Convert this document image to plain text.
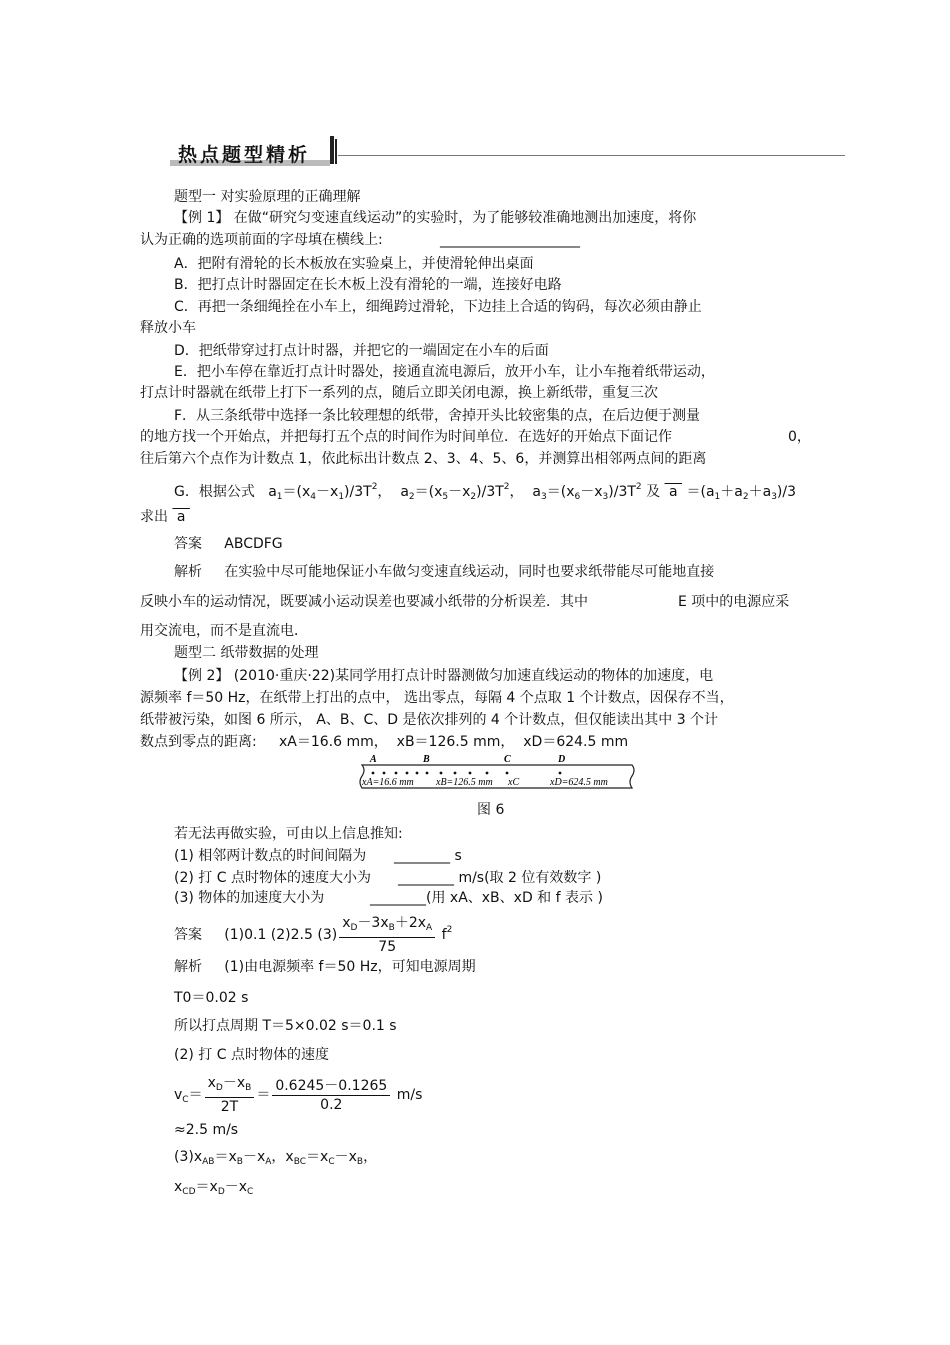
热点题型精析
题型一 对实验原理的正确理解
【例 1】 在做“研究匀变速直线运动”的实验时，为了能够较准确地测出加速度，将你
认为正确的选项前面的字母填在横线上:	____________________
A．把附有滑轮的长木板放在实验桌上，并使滑轮伸出桌面
B．把打点计时器固定在长木板上没有滑轮的一端，连接好电路
C．再把一条细绳拴在小车上，细绳跨过滑轮，下边挂上合适的钩码，每次必须由静止
释放小车
D．把纸带穿过打点计时器，并把它的一端固定在小车的后面
E．把小车停在靠近打点计时器处，接通直流电源后，放开小车，让小车拖着纸带运动，
打点计时器就在纸带上打下一系列的点，随后立即关闭电源，换上新纸带，重复三次
F．从三条纸带中选择一条比较理想的纸带，舍掉开头比较密集的点，在后边便于测量
的地方找一个开始点，并把每打五个点的时间作为时间单位．在选好的开始点下面记作	0，
往后第六个点作为计数点 1，依此标出计数点 2、3、4、5、6，并测算出相邻两点间的距离
G．根据公式   $a_1=(x_4-x_1)/3T^2$，  $a_2=(x_5-x_2)/3T^2$，  $a_3=(x_6-x_3)/3T^2$ 及  $a =(a_1+a_2+a_3)/3$
求出  a
答案 ABCDFG
解析 在实验中尽可能地保证小车做匀变速直线运动，同时也要求纸带能尽可能地直接
反映小车的运动情况，既要减小运动误差也要减小纸带的分析误差．其中	E 项中的电源应采
用交流电，而不是直流电．
题型二 纸带数据的处理
【例 2】 (2010·重庆·22)某同学用打点计时器测做匀加速直线运动的物体的加速度，电
源频率 f＝50 Hz，在纸带上打出的点中， 选出零点，每隔 4 个点取 1 个计数点，因保存不当，
纸带被污染，如图 6 所示， A、B、C、D 是依次排列的 4 个计数点，但仅能读出其中 3 个计
数点到零点的距离: xA＝16.6 mm， xB＝126.5 mm， xD＝624.5 mm
A	B	C	D
xA=16.6 mm xB=126.5 mm xC	xD=624.5 mm
图 6
若无法再做实验，可由以上信息推知:
(1) 相邻两计数点的时间间隔为 ________ s
(2) 打 C 点时物体的速度大小为 ________ m/s(取 2 位有效数字 )
(3) 物体的加速度大小为	________(用 xA、xB、xD 和 f 表示 )
答案 (1)0.1 (2)2.5 $(3) \frac{x_D-3x_B+2x_A}{75} f^2$
解析 (1)由电源频率 f＝50 Hz，可知电源周期
T0＝0.02 s
所以打点周期 T＝5×0.02 s＝0.1 s
(2) 打 C 点时物体的速度
$v_C= \frac{x_D-x_B}{2T} = \frac{0.6245-0.1265}{0.2} m/s$
≈2.5 m/s
$(3)x_{AB}=x_B-x_A$，$x_{BC}=x_C-x_B$，
$x_{CD}=x_D-x_C$
